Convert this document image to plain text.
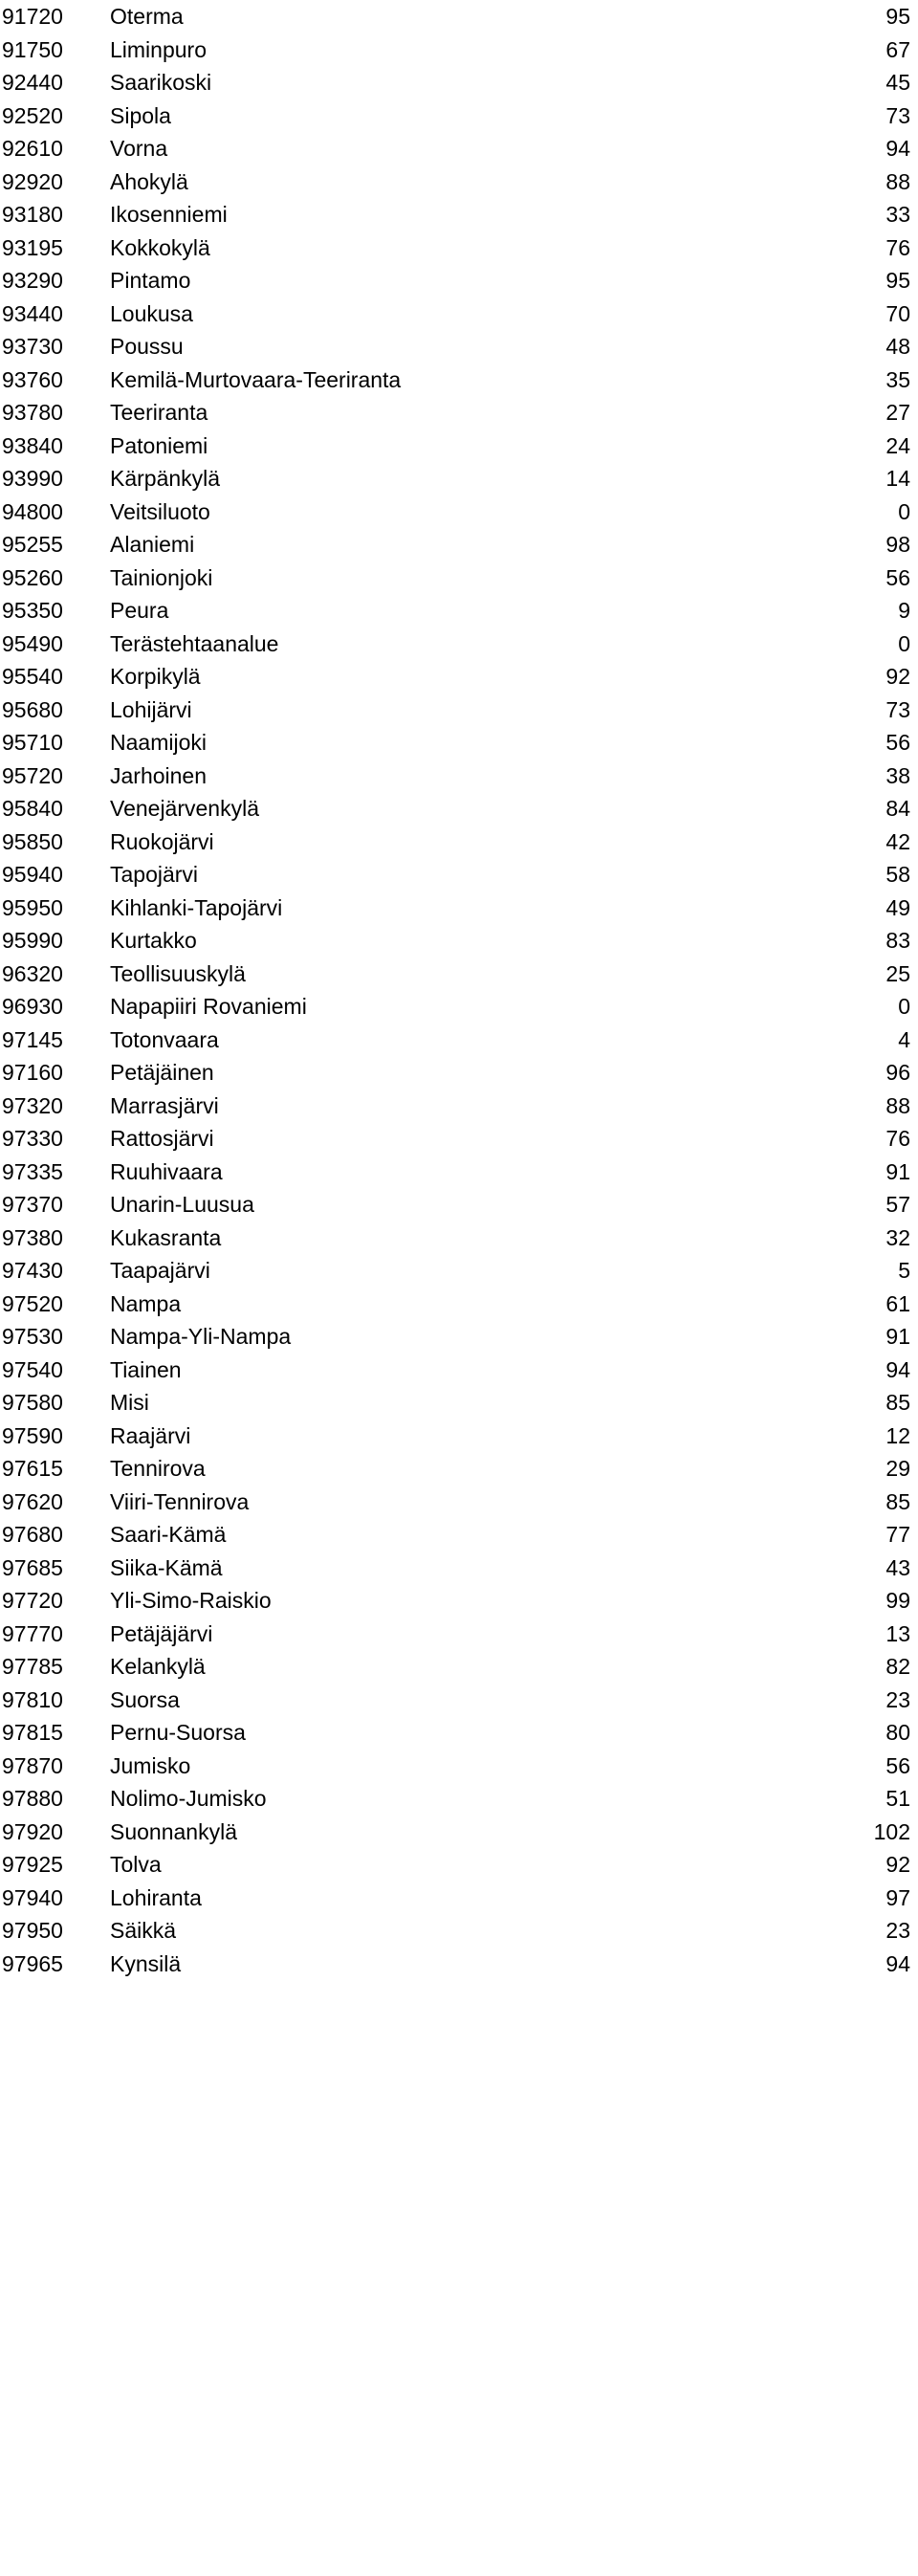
91720 Oterma	95
91750 Liminpuro	67
92440 Saarikoski	45
92520 Sipola	73
92610 Vorna	94
92920 Ahokylä	88
93180 Ikosenniemi	33
93195 Kokkokylä	76
93290 Pintamo	95
93440 Loukusa	70
93730 Poussu	48
93760 Kemilä-Murtovaara-Teeriranta	35
93780 Teeriranta	27
93840 Patoniemi	24
93990 Kärpänkylä	14
94800 Veitsiluoto	0
95255 Alaniemi	98
95260 Tainionjoki	56
95350 Peura	9
95490 Terästehtaanalue	0
95540 Korpikylä	92
95680 Lohijärvi	73
95710 Naamijoki	56
95720 Jarhoinen	38
95840 Venejärvenkylä	84
95850 Ruokojärvi	42
95940 Tapojärvi	58
95950 Kihlanki-Tapojärvi	49
95990 Kurtakko	83
96320 Teollisuuskylä	25
96930 Napapiiri Rovaniemi	0
97145 Totonvaara	4
97160 Petäjäinen	96
97320 Marrasjärvi	88
97330 Rattosjärvi	76
97335 Ruuhivaara	91
97370 Unarin-Luusua	57
97380 Kukasranta	32
97430 Taapajärvi	5
97520 Nampa	61
97530 Nampa-Yli-Nampa	91
97540 Tiainen	94
97580 Misi	85
97590 Raajärvi	12
97615 Tennirova	29
97620 Viiri-Tennirova	85
97680 Saari-Kämä	77
97685 Siika-Kämä	43
97720 Yli-Simo-Raiskio	99
97770 Petäjäjärvi	13
97785 Kelankylä	82
97810 Suorsa	23
97815 Pernu-Suorsa	80
97870 Jumisko	56
97880 Nolimo-Jumisko	51
97920 Suonnankylä	102
97925 Tolva	92
97940 Lohiranta	97
97950 Säikkä	23
97965 Kynsilä	94
